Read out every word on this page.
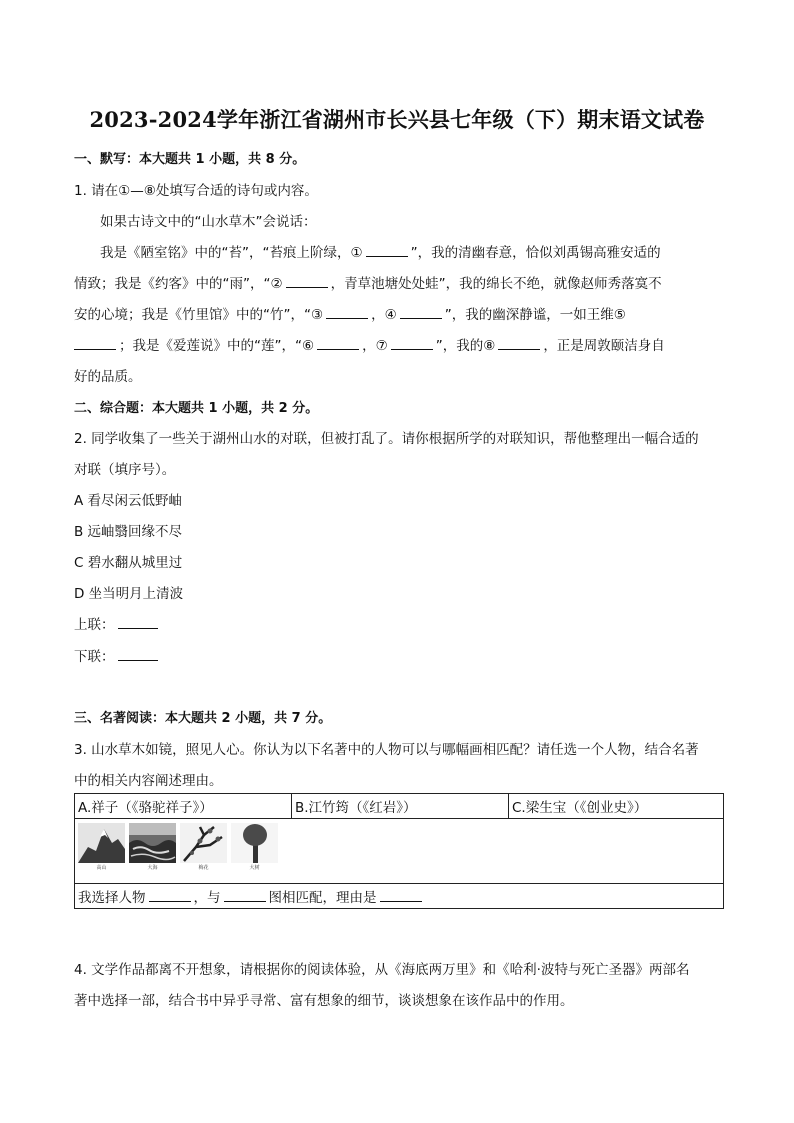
2023-2024学年浙江省湖州市长兴县七年级（下）期末语文试卷
一、默写：本大题共 1 小题，共 8 分。
1. 请在①—⑧处填写合适的诗句或内容。
如果古诗文中的“山水草木”会说话：
我是《陋室铭》中的“苔”，“苔痕上阶绿，①	”，我的清幽春意，恰似刘禹锡高雅安适的
情致；我是《约客》中的“雨”，“②	，青草池塘处处蛙”，我的绵长不绝，就像赵师秀落寞不
安的心境；我是《竹里馆》中的“竹”，“③	，④	”，我的幽深静谧，一如王维⑤
；我是《爱莲说》中的“莲”，“⑥	，⑦	”，我的⑧	，正是周敦颐洁身自
好的品质。
二、综合题：本大题共 1 小题，共 2 分。
2. 同学收集了一些关于湖州山水的对联，但被打乱了。请你根据所学的对联知识，帮他整理出一幅合适的
对联（填序号）。
A 看尽闲云低野岫
B 远岫翳回缘不尽
C 碧水翻从城里过
D 坐当明月上清波
上联：
下联：
三、名著阅读：本大题共 2 小题，共 7 分。
3. 山水草木如镜，照见人心。你认为以下名著中的人物可以与哪幅画相匹配？请任选一个人物，结合名著
中的相关内容阐述理由。
A.祥子（《骆驼祥子》）	B.江竹筠（《红岩》）	C.梁生宝（《创业史》）

高山	大海	梅花	大树

我选择人物	，与	图相匹配，理由是
4. 文学作品都离不开想象，请根据你的阅读体验，从《海底两万里》和《哈利·波特与死亡圣器》两部名
著中选择一部，结合书中异乎寻常、富有想象的细节，谈谈想象在该作品中的作用。
